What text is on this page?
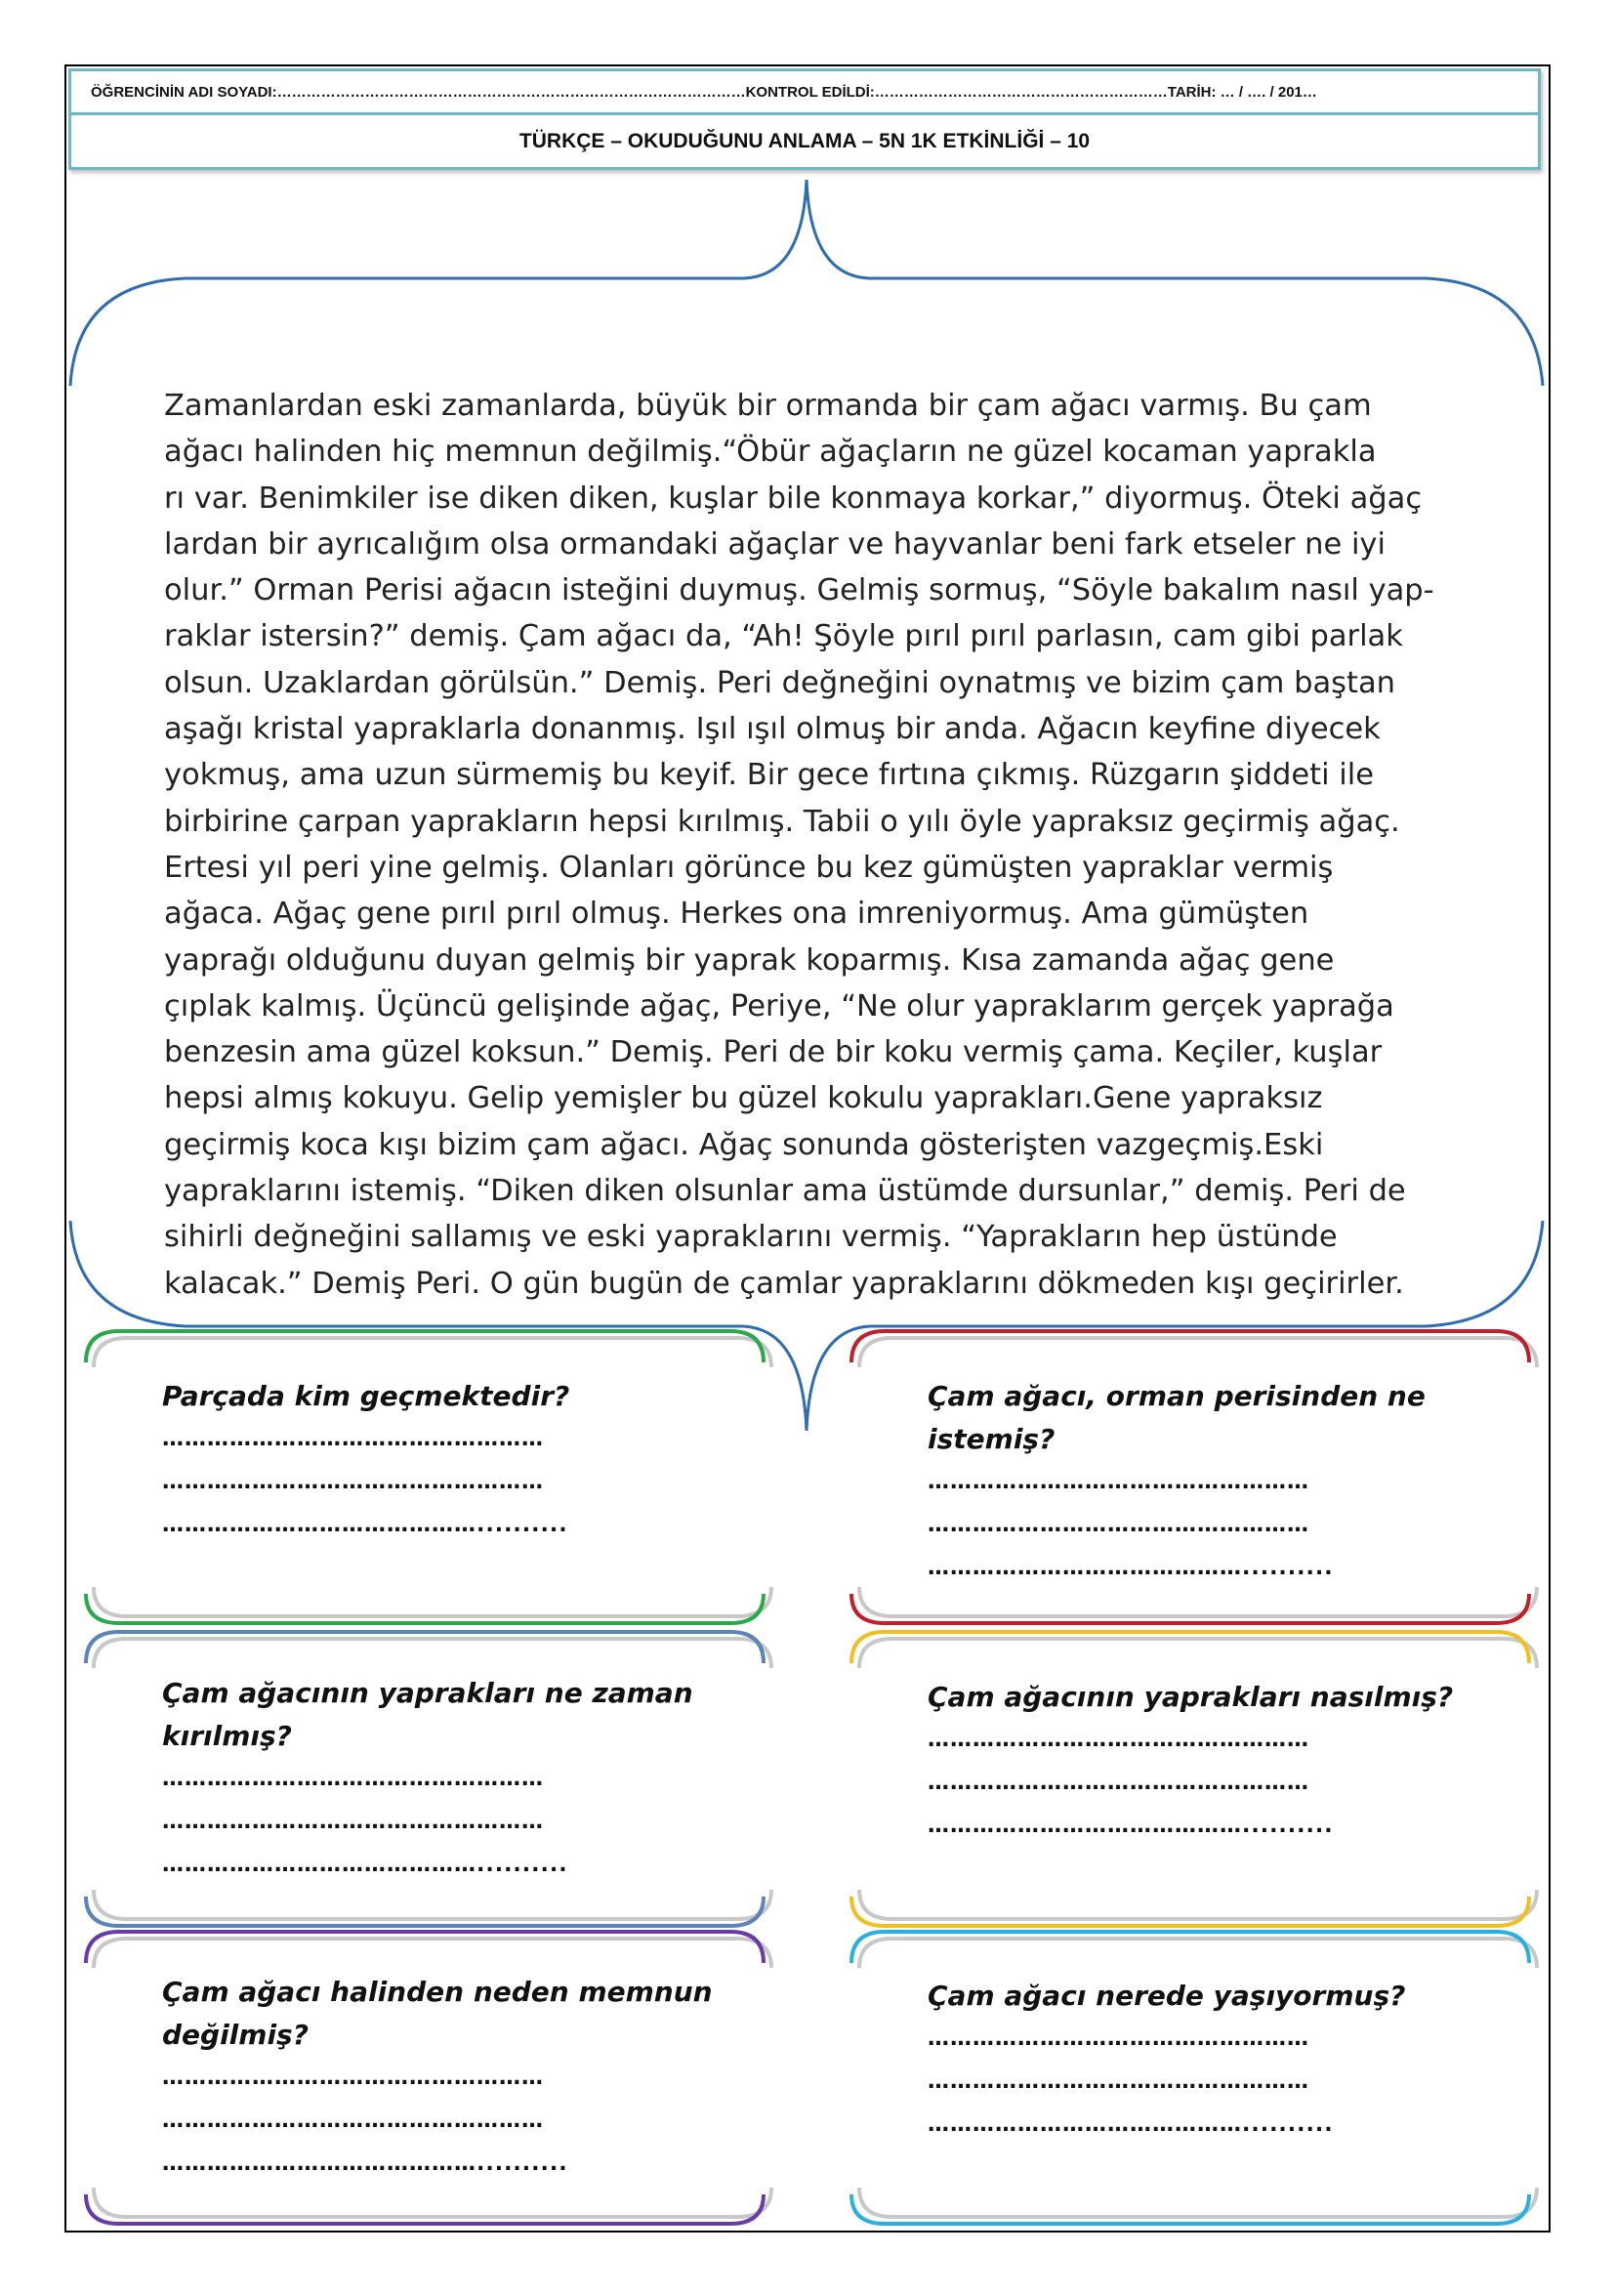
ÖĞRENCİNİN ADI SOYADI: …………………………………………………………………………………… KONTROL EDİLDİ: …………………………………………………… TARİH: … / …. / 201…
TÜRKÇE – OKUDUĞUNU ANLAMA – 5N 1K ETKİNLİĞİ – 10
Zamanlardan eski zamanlarda, büyük bir ormanda bir çam ağacı varmış. Bu çam
ağacı halinden hiç memnun değilmiş.“Öbür ağaçların ne güzel kocaman yaprakla
rı var. Benimkiler ise diken diken, kuşlar bile konmaya korkar,” diyormuş. Öteki ağaç
lardan bir ayrıcalığım olsa ormandaki ağaçlar ve hayvanlar beni fark etseler ne iyi
olur.” Orman Perisi ağacın isteğini duymuş. Gelmiş sormuş, “Söyle bakalım nasıl yap-
raklar istersin?” demiş. Çam ağacı da, “Ah! Şöyle pırıl pırıl parlasın, cam gibi parlak
olsun. Uzaklardan görülsün.” Demiş. Peri değneğini oynatmış ve bizim çam baştan
aşağı kristal yapraklarla donanmış. Işıl ışıl olmuş bir anda. Ağacın keyfine diyecek
yokmuş, ama uzun sürmemiş bu keyif. Bir gece fırtına çıkmış. Rüzgarın şiddeti ile
birbirine çarpan yaprakların hepsi kırılmış. Tabii o yılı öyle yapraksız geçirmiş ağaç.
Ertesi yıl peri yine gelmiş. Olanları görünce bu kez gümüşten yapraklar vermiş
ağaca. Ağaç gene pırıl pırıl olmuş. Herkes ona imreniyormuş. Ama gümüşten
yaprağı olduğunu duyan gelmiş bir yaprak koparmış. Kısa zamanda ağaç gene
çıplak kalmış. Üçüncü gelişinde ağaç, Periye, “Ne olur yapraklarım gerçek yaprağa
benzesin ama güzel koksun.” Demiş. Peri de bir koku vermiş çama. Keçiler, kuşlar
hepsi almış kokuyu. Gelip yemişler bu güzel kokulu yaprakları.Gene yapraksız
geçirmiş koca kışı bizim çam ağacı. Ağaç sonunda gösterişten vazgeçmiş.Eski
yapraklarını istemiş. “Diken diken olsunlar ama üstümde dursunlar,” demiş. Peri de
sihirli değneğini sallamış ve eski yapraklarını vermiş. “Yaprakların hep üstünde
kalacak.” Demiş Peri. O gün bugün de çamlar yapraklarını dökmeden kışı geçirirler.
Parçada kim geçmektedir?
……………………………………………
……………………………………………
……………………………………..........
Çam ağacı, orman perisinden ne
istemiş?
……………………………………………
……………………………………………
……………………………………..........
Çam ağacının yaprakları ne zaman
kırılmış?
……………………………………………
……………………………………………
……………………………………..........
Çam ağacının yaprakları nasılmış?
……………………………………………
……………………………………………
……………………………………..........
Çam ağacı halinden neden memnun
değilmiş?
……………………………………………
……………………………………………
……………………………………..........
Çam ağacı nerede yaşıyormuş?
……………………………………………
……………………………………………
……………………………………..........
